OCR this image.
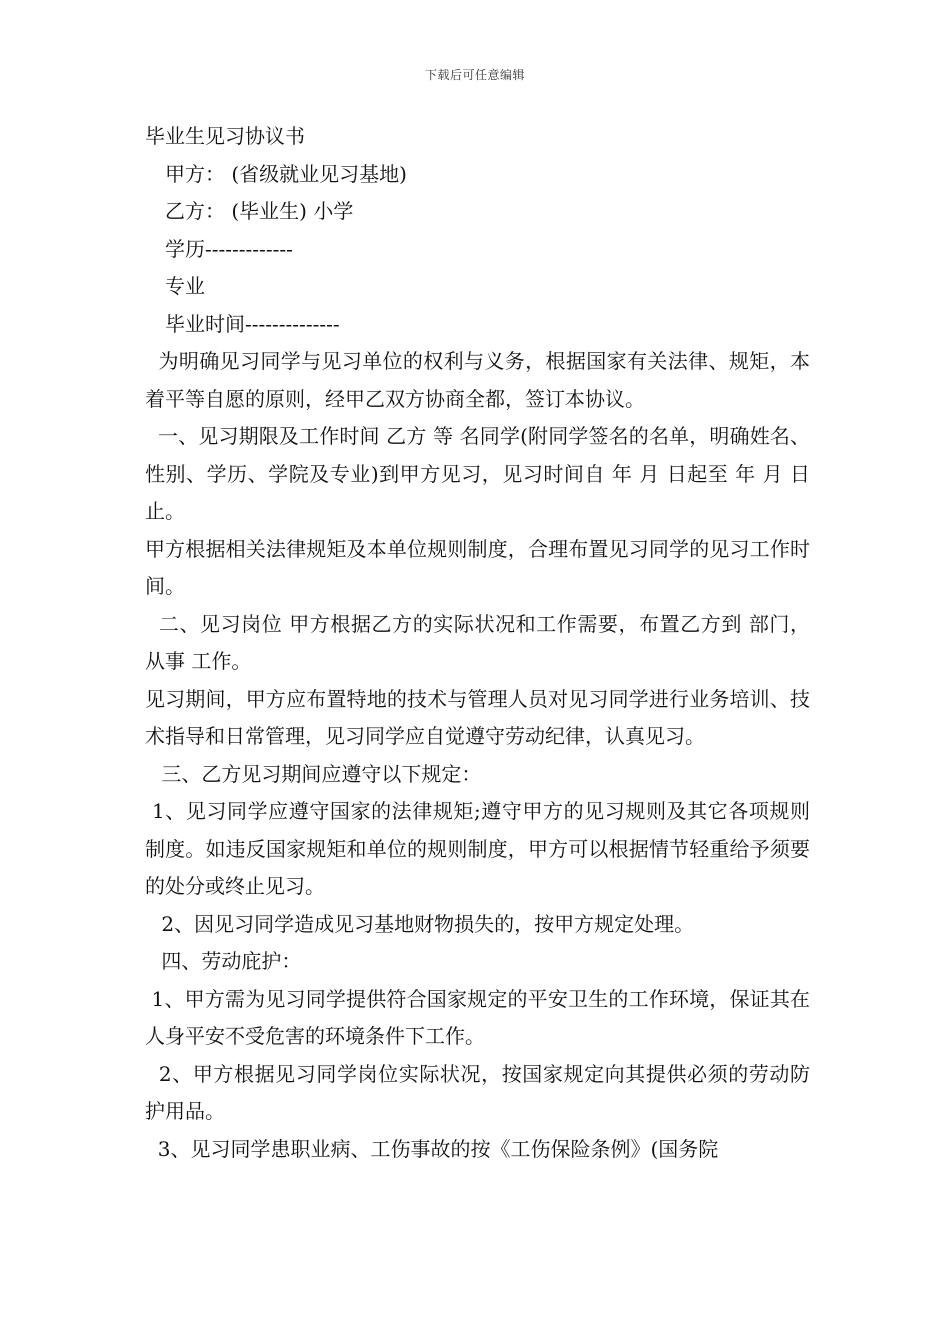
下载后可任意编辑
毕业生见习协议书
甲方： (省级就业见习基地)
乙方： (毕业生) 小学
学历-------------
专业
毕业时间--------------
为明确见习同学与见习单位的权利与义务，根据国家有关法律、规矩，本着平等自愿的原则，经甲乙双方协商全都，签订本协议。
一、见习期限及工作时间 乙方 等 名同学(附同学签名的名单，明确姓名、性别、学历、学院及专业)到甲方见习，见习时间自 年 月 日起至 年 月 日止。
甲方根据相关法律规矩及本单位规则制度，合理布置见习同学的见习工作时间。
二、见习岗位 甲方根据乙方的实际状况和工作需要，布置乙方到 部门，从事 工作。
见习期间，甲方应布置特地的技术与管理人员对见习同学进行业务培训、技术指导和日常管理，见习同学应自觉遵守劳动纪律，认真见习。
三、乙方见习期间应遵守以下规定：
1、见习同学应遵守国家的法律规矩;遵守甲方的见习规则及其它各项规则制度。如违反国家规矩和单位的规则制度，甲方可以根据情节轻重给予须要的处分或终止见习。
2、因见习同学造成见习基地财物损失的，按甲方规定处理。
四、劳动庇护：
1、甲方需为见习同学提供符合国家规定的平安卫生的工作环境，保证其在人身平安不受危害的环境条件下工作。
2、甲方根据见习同学岗位实际状况，按国家规定向其提供必须的劳动防护用品。
3、见习同学患职业病、工伤事故的按《工伤保险条例》(国务院
